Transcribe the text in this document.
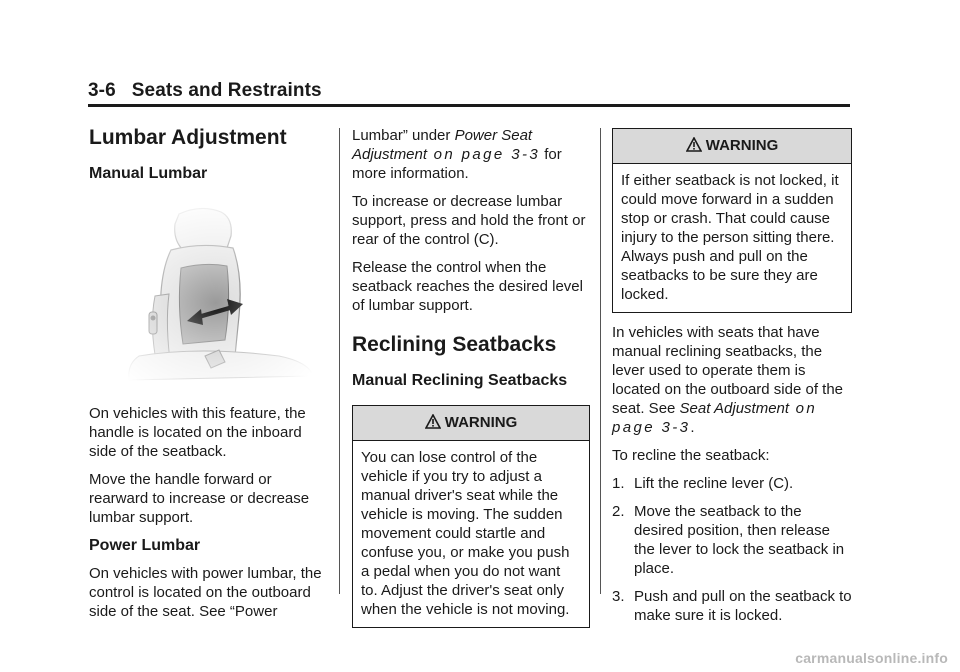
3-6 Seats and Restraints
Lumbar Adjustment
Manual Lumbar

On vehicles with this feature, the handle is located on the inboard side of the seatback.

Move the handle forward or rearward to increase or decrease lumbar support.

Power Lumbar

On vehicles with power lumbar, the control is located on the outboard side of the seat. See “Power

Lumbar” under Power Seat Adjustment on page 3-3 for more information.

To increase or decrease lumbar support, press and hold the front or rear of the control (C).

Release the control when the seatback reaches the desired level of lumbar support.

Reclining Seatbacks
Manual Reclining Seatbacks
WARNING
You can lose control of the vehicle if you try to adjust a manual driver's seat while the vehicle is moving. The sudden movement could startle and confuse you, or make you push a pedal when you do not want to. Adjust the driver's seat only when the vehicle is not moving.
WARNING
If either seatback is not locked, it could move forward in a sudden stop or crash. That could cause injury to the person sitting there. Always push and pull on the seatbacks to be sure they are locked.

In vehicles with seats that have manual reclining seatbacks, the lever used to operate them is located on the outboard side of the seat. See Seat Adjustment on page 3-3.

To recline the seatback:

1. Lift the recline lever (C).
2. Move the seatback to the desired position, then release the lever to lock the seatback in place.
3. Push and pull on the seatback to make sure it is locked.
carmanualsonline.info
